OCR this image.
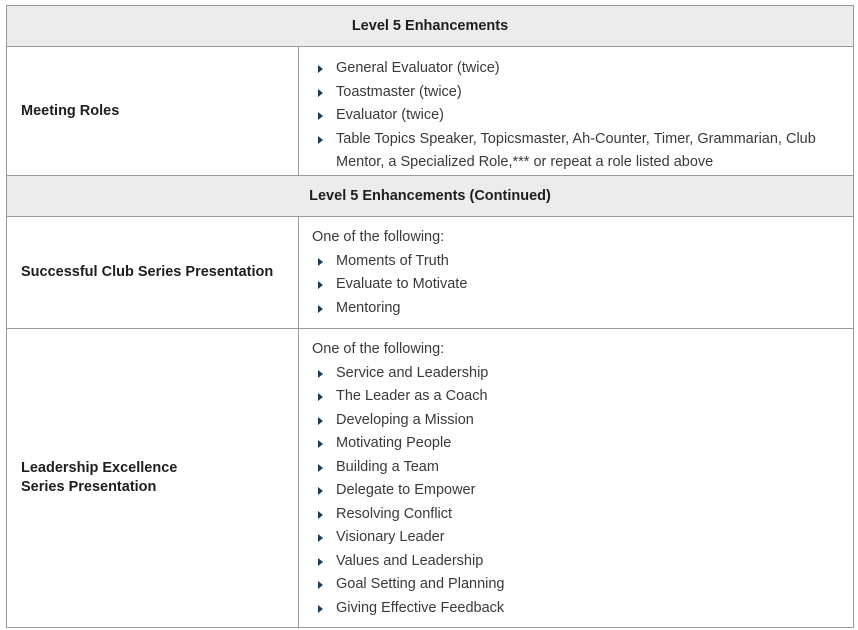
Level 5 Enhancements
Meeting Roles
General Evaluator (twice)
Toastmaster (twice)
Evaluator (twice)
Table Topics Speaker, Topicsmaster, Ah-Counter, Timer, Grammarian, Club
Mentor, a Specialized Role,*** or repeat a role listed above
Level 5 Enhancements (Continued)
Successful Club Series Presentation
One of the following:
Moments of Truth
Evaluate to Motivate
Mentoring
Leadership Excellence
Series Presentation
One of the following:
Service and Leadership
The Leader as a Coach
Developing a Mission
Motivating People
Building a Team
Delegate to Empower
Resolving Conflict
Visionary Leader
Values and Leadership
Goal Setting and Planning
Giving Effective Feedback
